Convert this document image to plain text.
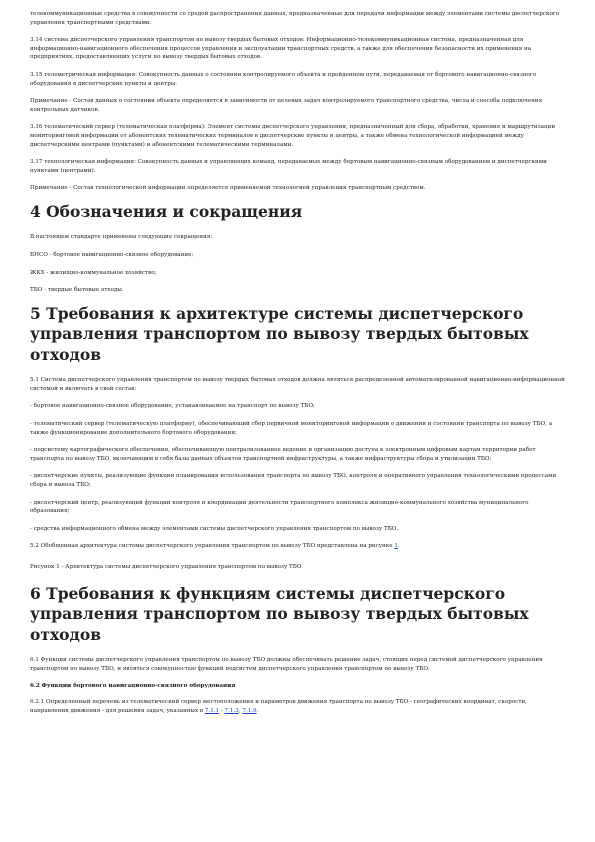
телекоммуникационные средства в совокупности со средой распространения данных, предназначенные для передачи информации между элементами системы диспетчерского управления транспортными средствами.

3.14 система диспетчерского управления транспортом по вывозу твердых бытовых отходов: Информационно-телекоммуникационная система, предназначенная для информационно-навигационного обеспечения процессов управления и эксплуатации транспортных средств, а также для обеспечения безопасности их применения на предприятиях, предоставляющих услуги по вывозу твердых бытовых отходов.

3.15 телеметрическая информация: Совокупность данных о состоянии контролируемого объекта и пройденном пути, передаваемая от бортового навигационно-связного оборудования в диспетчерские пункты и центры.

Примечание - Состав данных о состоянии объекта определяется в зависимости от целевых задач контролируемого транспортного средства, числа и способа подключения контрольных датчиков.

3.16 телематический сервер (телематическая платформа): Элемент системы диспетчерского управления, предназначенный для сбора, обработки, хранения и маршрутизации мониторинговой информации от абонентских телематических терминалов в диспетчерские пункты и центры, а также обмена технологической информацией между диспетчерскими центрами (пунктами) и абонентскими телематическими терминалами.

3.17 технологическая информация: Совокупность данных и управляющих команд, передаваемых между бортовым навигационно-связным оборудованием и диспетчерскими пунктами (центрами).

Примечание - Состав технологической информации определяется применяемой технологией управления транспортным средством.

4 Обозначения и сокращения

В настоящем стандарте применены следующие сокращения:

БНСО - бортовое навигационно-связное оборудование;

ЖКХ - жилищно-коммунальное хозяйство;

ТБО - твердые бытовые отходы.

5 Требования к архитектуре системы диспетчерского управления транспортом по вывозу твердых бытовых отходов

5.1 Система диспетчерского управления транспортом по вывозу твердых бытовых отходов должна являться распределенной автоматизированной навигационно-информационной системой и включать в свой состав:

- бортовое навигационно-связное оборудование, устанавливаемое на транспорт по вывозу ТБО;

- телематический сервер (телематическую платформу), обеспечивающий сбор первичной мониторинговой информации о движении и состоянии транспорта по вывозу ТБО, а также функционирование дополнительного бортового оборудования;

- подсистему картографического обеспечения, обеспечивающую централизованное ведение и организацию доступа к электронным цифровым картам территории работ транспорта по вывозу ТБО, включающим в себя базы данных объектов транспортной инфраструктуры, а также инфраструктуры сбора и утилизации ТБО;

- диспетчерские пункты, реализующие функции планирования использования транспорта по вывозу ТБО, контроля и оперативного управления технологическими процессами сбора и вывоза ТБО;

- диспетчерский центр, реализующий функции контроля и координации деятельности транспортного комплекса жилищно-коммунального хозяйства муниципального образования;

- средства информационного обмена между элементами системы диспетчерского управления транспортом по вывозу ТБО.

5.2 Обобщенная архитектура системы диспетчерского управления транспортом по вывозу ТБО представлена на рисунке 1.

Рисунок 1 - Архитектура системы диспетчерского управления транспортом по вывозу ТБО

6 Требования к функциям системы диспетчерского управления транспортом по вывозу твердых бытовых отходов

6.1 Функции системы диспетчерского управления транспортом по вывозу ТБО должны обеспечивать решение задач, стоящих перед системой диспетчерского управления транспортом по вывозу ТБО, и являться совокупностью функций подсистем диспетчерского управления транспортом по вывозу ТБО.

6.2 Функции бортового навигационно-связного оборудования

6.2.1 Определенный перечень из телематический сервер местоположения и параметров движения транспорта по вывозу ТБО - географических координат, скорости, направления движения - для решения задач, указанных в 7.1.1 - 7.1.3, 7.1.9.
